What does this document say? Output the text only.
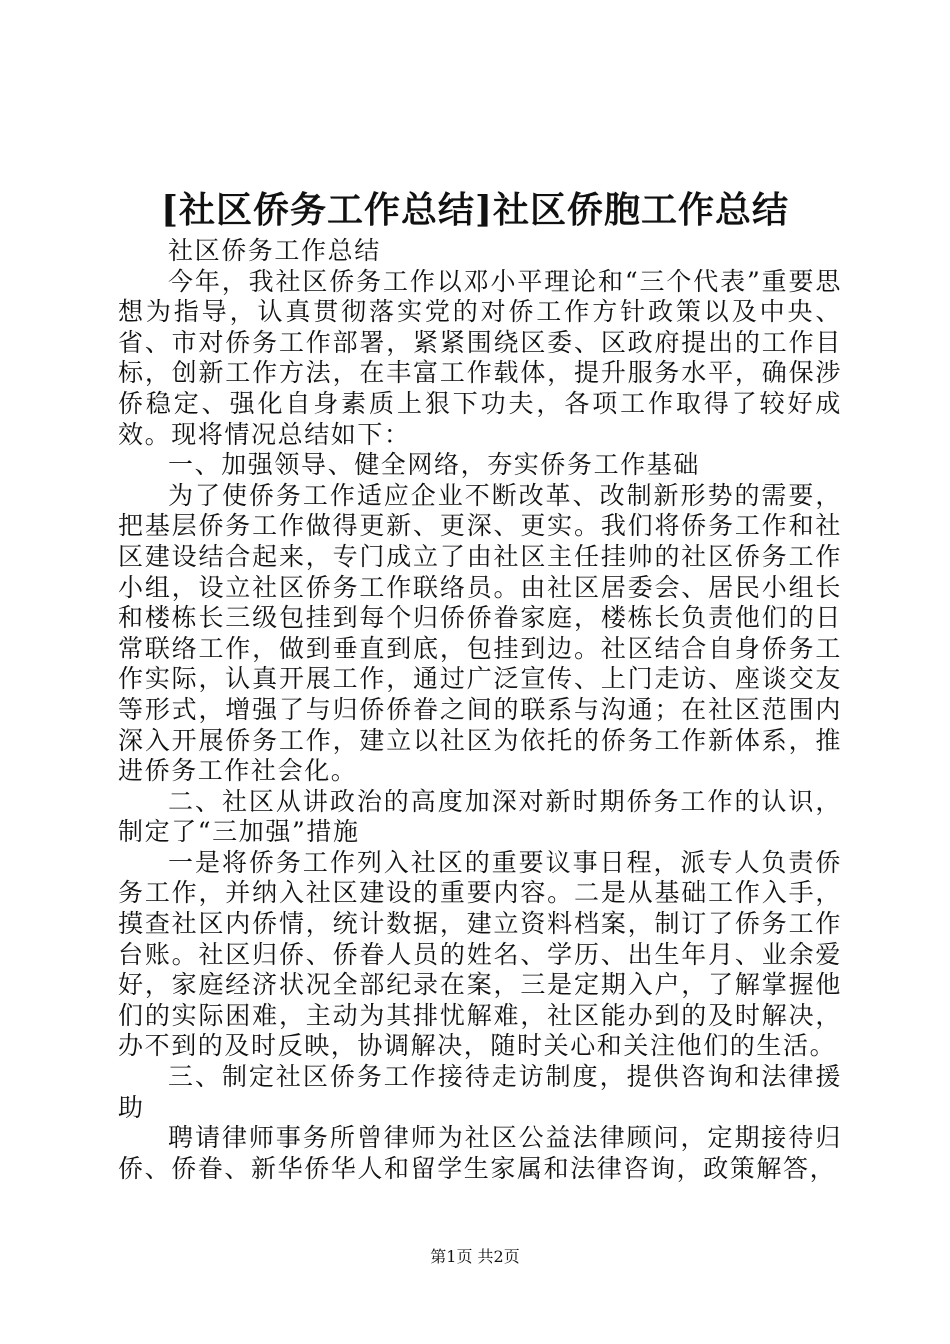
[社区侨务工作总结]社区侨胞工作总结

社区侨务工作总结

今年，我社区侨务工作以邓小平理论和“三个代表”重要思想为指导，认真贯彻落实党的对侨工作方针政策以及中央、省、市对侨务工作部署，紧紧围绕区委、区政府提出的工作目标，创新工作方法，在丰富工作载体，提升服务水平，确保涉侨稳定、强化自身素质上狠下功夫，各项工作取得了较好成效。现将情况总结如下：

一、加强领导、健全网络，夯实侨务工作基础

为了使侨务工作适应企业不断改革、改制新形势的需要，把基层侨务工作做得更新、更深、更实。我们将侨务工作和社区建设结合起来，专门成立了由社区主任挂帅的社区侨务工作小组，设立社区侨务工作联络员。由社区居委会、居民小组长和楼栋长三级包挂到每个归侨侨眷家庭，楼栋长负责他们的日常联络工作，做到垂直到底，包挂到边。社区结合自身侨务工作实际，认真开展工作，通过广泛宣传、上门走访、座谈交友等形式，增强了与归侨侨眷之间的联系与沟通；在社区范围内深入开展侨务工作，建立以社区为依托的侨务工作新体系，推进侨务工作社会化。

二、社区从讲政治的高度加深对新时期侨务工作的认识，制定了“三加强”措施

一是将侨务工作列入社区的重要议事日程，派专人负责侨务工作，并纳入社区建设的重要内容。二是从基础工作入手，摸查社区内侨情，统计数据，建立资料档案，制订了侨务工作台账。社区归侨、侨眷人员的姓名、学历、出生年月、业余爱好，家庭经济状况全部纪录在案，三是定期入户，了解掌握他们的实际困难，主动为其排忧解难，社区能办到的及时解决，办不到的及时反映，协调解决，随时关心和关注他们的生活。

三、制定社区侨务工作接待走访制度，提供咨询和法律援助

聘请律师事务所曾律师为社区公益法律顾问，定期接待归侨、侨眷、新华侨华人和留学生家属和法律咨询，政策解答，

第1页 共2页
